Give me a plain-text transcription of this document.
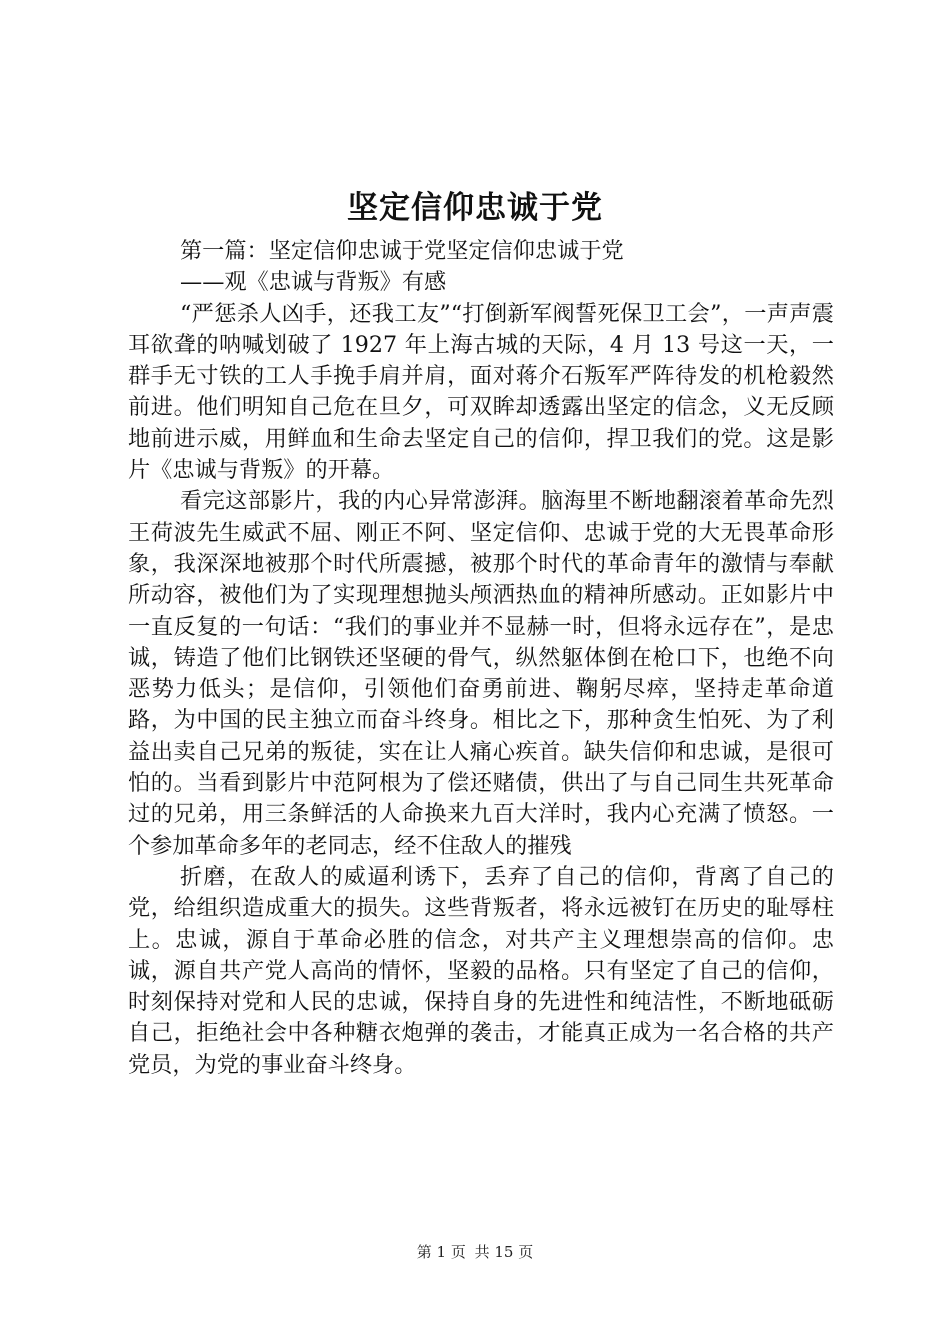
坚定信仰忠诚于党

第一篇：坚定信仰忠诚于党坚定信仰忠诚于党

——观《忠诚与背叛》有感

“严惩杀人凶手，还我工友”“打倒新军阀誓死保卫工会”，一声声震耳欲聋的呐喊划破了 1927 年上海古城的天际，4 月 13 号这一天，一群手无寸铁的工人手挽手肩并肩，面对蒋介石叛军严阵待发的机枪毅然前进。他们明知自己危在旦夕，可双眸却透露出坚定的信念，义无反顾地前进示威，用鲜血和生命去坚定自己的信仰，捍卫我们的党。这是影片《忠诚与背叛》的开幕。

看完这部影片，我的内心异常澎湃。脑海里不断地翻滚着革命先烈王荷波先生威武不屈、刚正不阿、坚定信仰、忠诚于党的大无畏革命形象，我深深地被那个时代所震撼，被那个时代的革命青年的激情与奉献所动容，被他们为了实现理想抛头颅洒热血的精神所感动。正如影片中一直反复的一句话：“我们的事业并不显赫一时，但将永远存在”，是忠诚，铸造了他们比钢铁还坚硬的骨气，纵然躯体倒在枪口下，也绝不向恶势力低头；是信仰，引领他们奋勇前进、鞠躬尽瘁，坚持走革命道路，为中国的民主独立而奋斗终身。相比之下，那种贪生怕死、为了利益出卖自己兄弟的叛徒，实在让人痛心疾首。缺失信仰和忠诚，是很可怕的。当看到影片中范阿根为了偿还赌债，供出了与自己同生共死革命过的兄弟，用三条鲜活的人命换来九百大洋时，我内心充满了愤怒。一个参加革命多年的老同志，经不住敌人的摧残

折磨，在敌人的威逼利诱下，丢弃了自己的信仰，背离了自己的党，给组织造成重大的损失。这些背叛者，将永远被钉在历史的耻辱柱上。忠诚，源自于革命必胜的信念，对共产主义理想崇高的信仰。忠诚，源自共产党人高尚的情怀，坚毅的品格。只有坚定了自己的信仰，时刻保持对党和人民的忠诚，保持自身的先进性和纯洁性，不断地砥砺自己，拒绝社会中各种糖衣炮弹的袭击，才能真正成为一名合格的共产党员，为党的事业奋斗终身。

第 1 页 共 15 页
